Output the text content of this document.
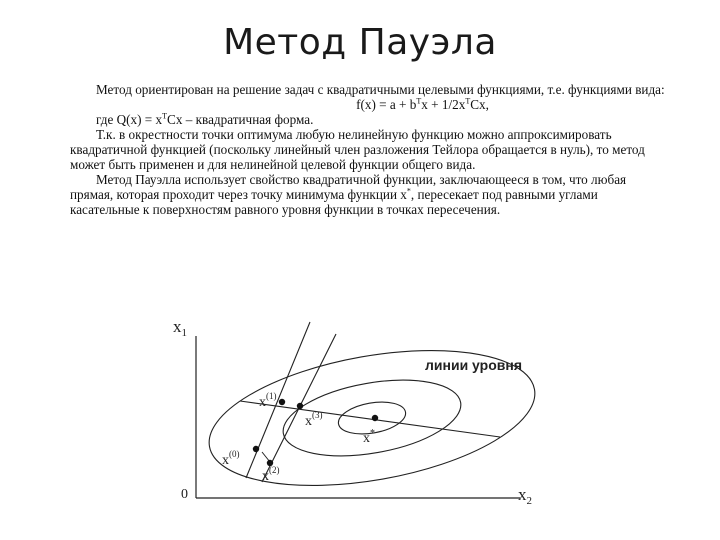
Метод Пауэла

Метод ориентирован на решение задач с квадратичными целевыми функциями, т.е. функциями вида:

$f(x) = a + b^Tx + 1/2x^TCx$,

где $Q(x) = x^TCx$ – квадратичная форма.

Т.к. в окрестности точки оптимума любую нелинейную функцию можно аппроксимировать квадратичной функцией (поскольку линейный член разложения Тейлора обращается в нуль), то метод может быть применен и для нелинейной целевой функции общего вида.

Метод Пауэлла использует свойство квадратичной функции, заключающееся в том, что любая прямая, которая проходит через точку минимума функции x*, пересекает под равными углами касательные к поверхностям равного уровня функции в точках пересечения.

$x_1$
$x_2$
0
линии уровня
$x^{(1)}$
$x^{(3)}$
$x^{(0)}$
$x^{(2)}$
x*
